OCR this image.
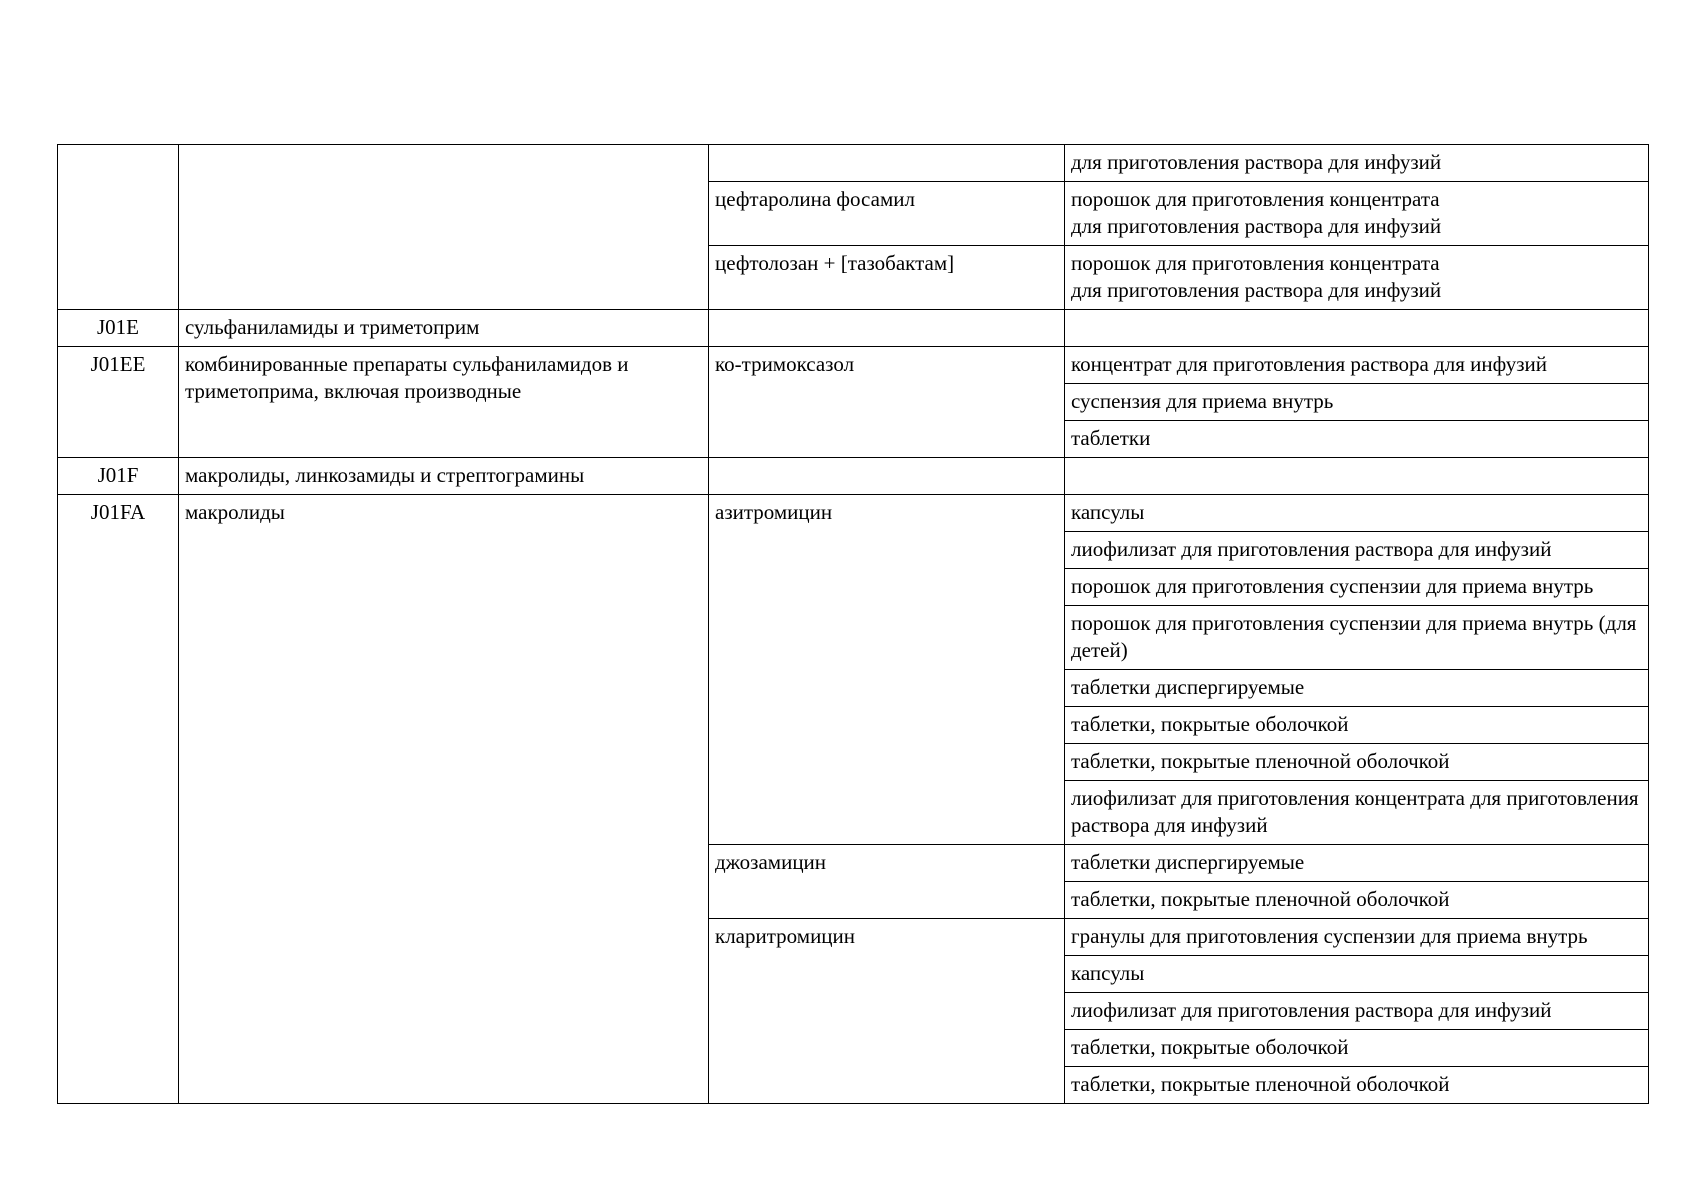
			для приготовления раствора для инфузий
		цефтаролина фосамил	порошок для приготовления концентрата
для приготовления раствора для инфузий
		цефтолозан + [тазобактам]	порошок для приготовления концентрата
для приготовления раствора для инфузий
J01E	сульфаниламиды и триметоприм		
J01EE	комбинированные препараты сульфаниламидов и триметоприма, включая производные	ко-тримоксазол	концентрат для приготовления раствора для инфузий
			суспензия для приема внутрь
			таблетки
J01F	макролиды, линкозамиды и стрептограмины		
J01FA	макролиды	азитромицин	капсулы
			лиофилизат для приготовления раствора для инфузий
			порошок для приготовления суспензии для приема внутрь
			порошок для приготовления суспензии для приема внутрь (для детей)
			таблетки диспергируемые
			таблетки, покрытые оболочкой
			таблетки, покрытые пленочной оболочкой
			лиофилизат для приготовления концентрата для приготовления раствора для инфузий
		джозамицин	таблетки диспергируемые
			таблетки, покрытые пленочной оболочкой
		кларитромицин	гранулы для приготовления суспензии для приема внутрь
			капсулы
			лиофилизат для приготовления раствора для инфузий
			таблетки, покрытые оболочкой
			таблетки, покрытые пленочной оболочкой
